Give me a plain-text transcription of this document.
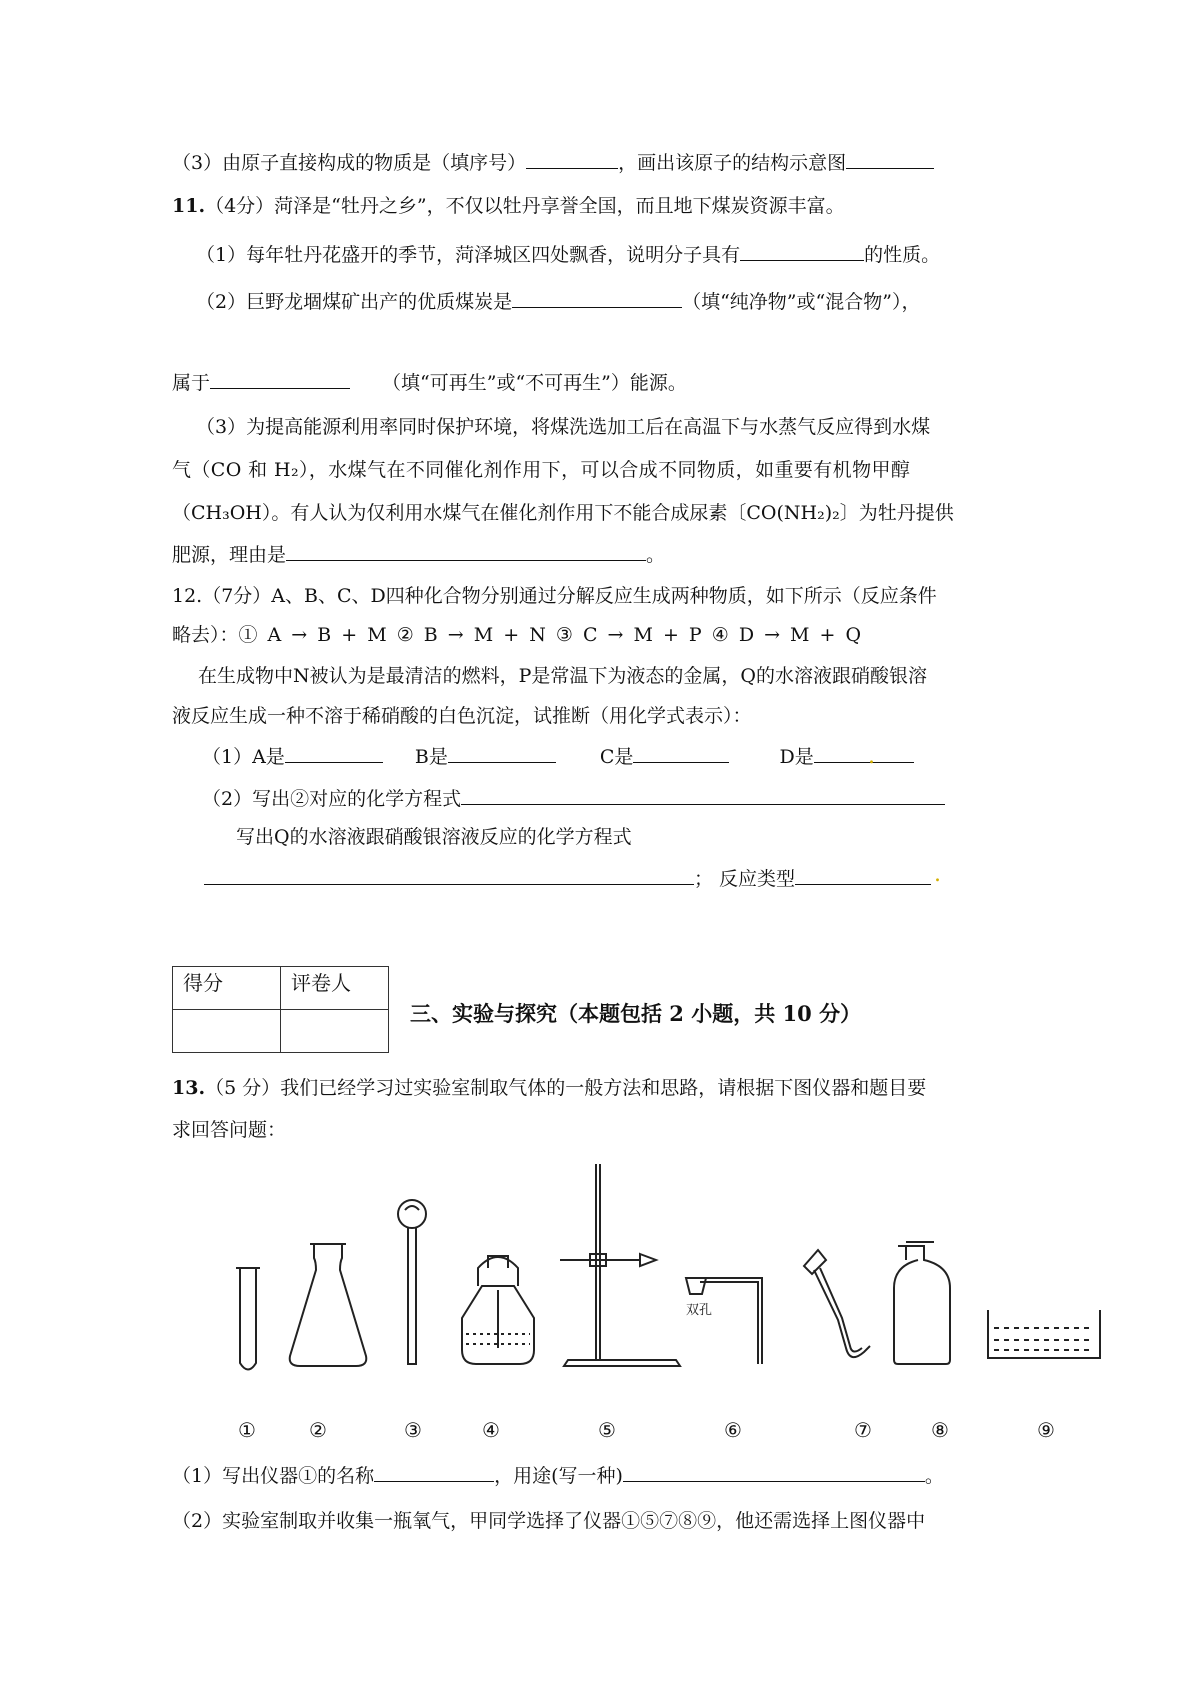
（3）由原子直接构成的物质是（填序号）	，画出该原子的结构示意图
11.（4分）菏泽是“牡丹之乡”，不仅以牡丹享誉全国，而且地下煤炭资源丰富。
（1）每年牡丹花盛开的季节，菏泽城区四处飘香，说明分子具有	的性质。
（2）巨野龙堌煤矿出产的优质煤炭是	（填“纯净物”或“混合物”），
属于	（填“可再生”或“不可再生”）能源。
（3）为提高能源利用率同时保护环境，将煤洗选加工后在高温下与水蒸气反应得到水煤
气（CO 和 H₂），水煤气在不同催化剂作用下，可以合成不同物质，如重要有机物甲醇
（CH₃OH）。有人认为仅利用水煤气在催化剂作用下不能合成尿素〔CO(NH₂)₂〕为牡丹提供
肥源，理由是	。
12.（7分）A、B、C、D四种化合物分别通过分解反应生成两种物质，如下所示（反应条件
略去）：① A → B + M ② B → M + N ③ C → M + P ④ D → M + Q
在生成物中N被认为是最清洁的燃料，P是常温下为液态的金属，Q的水溶液跟硝酸银溶
液反应生成一种不溶于稀硝酸的白色沉淀，试推断（用化学式表示）：
（1）A是	B是	C是	D是
（2）写出②对应的化学方程式
写出Q的水溶液跟硝酸银溶液反应的化学方程式
； 反应类型
.
.
得分	评卷人

三、实验与探究（本题包括 2 小题，共 10 分）
13.（5 分）我们已经学习过实验室制取气体的一般方法和思路，请根据下图仪器和题目要
求回答问题：
双孔
①	②	③	④	⑤	⑥	⑦	⑧	⑨
（1）写出仪器①的名称	，用途(写一种)	。
（2）实验室制取并收集一瓶氧气，甲同学选择了仪器①⑤⑦⑧⑨，他还需选择上图仪器中
